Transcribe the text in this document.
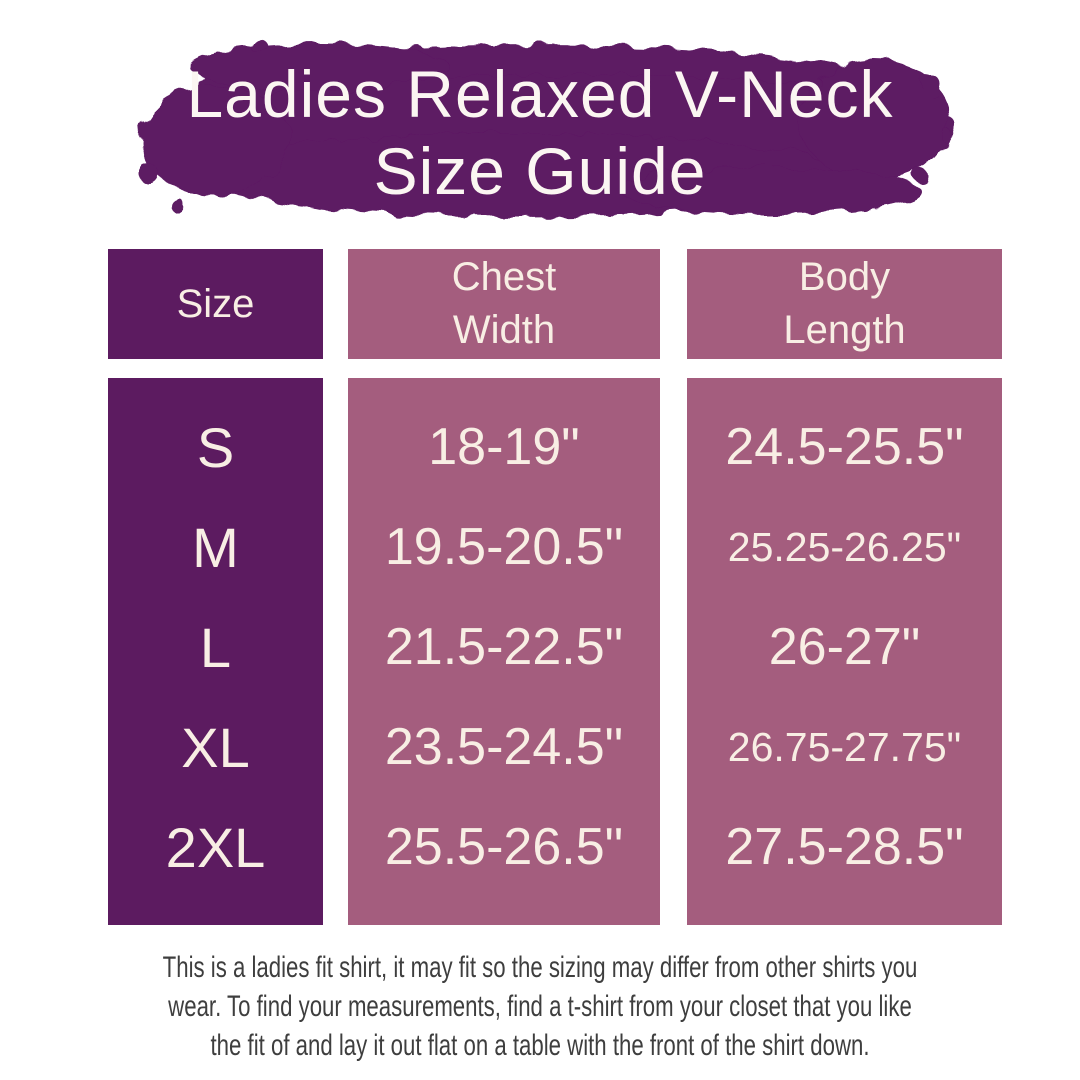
Ladies Relaxed V-Neck
Size Guide
Size
Chest Width
Body Length
S
M
L
XL
2XL
18-19"
19.5-20.5"
21.5-22.5"
23.5-24.5"
25.5-26.5"
24.5-25.5"
25.25-26.25"
26-27"
26.75-27.75"
27.5-28.5"
This is a ladies fit shirt, it may fit so the sizing may differ from other shirts you
wear. To find your measurements, find a t-shirt from your closet that you like
the fit of and lay it out flat on a table with the front of the shirt down.
